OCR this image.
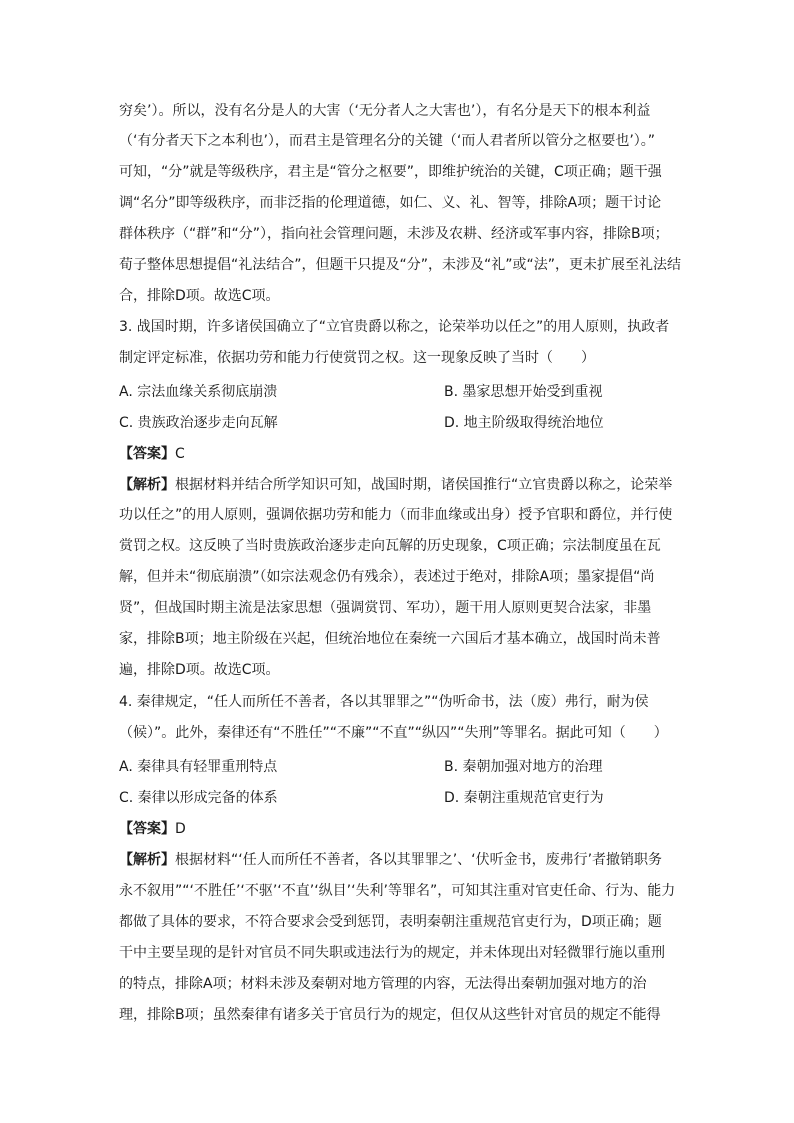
穷矣’）。所以，没有名分是人的大害（‘无分者人之大害也’），有名分是天下的根本利益
（‘有分者天下之本利也’），而君主是管理名分的关键（‘而人君者所以管分之枢要也’）。”
可知，“分”就是等级秩序，君主是“管分之枢要”，即维护统治的关键，C项正确；题干强
调“名分”即等级秩序，而非泛指的伦理道德，如仁、义、礼、智等，排除A项；题干讨论
群体秩序（“群”和“分”），指向社会管理问题，未涉及农耕、经济或军事内容，排除B项；
荀子整体思想提倡“礼法结合”，但题干只提及“分”，未涉及“礼”或“法”，更未扩展至礼法结
合，排除D项。故选C项。
3. 战国时期，许多诸侯国确立了“立官贵爵以称之，论荣举功以任之”的用人原则，执政者
制定评定标准，依据功劳和能力行使赏罚之权。这一现象反映了当时（　　）
A. 宗法血缘关系彻底崩溃	B. 墨家思想开始受到重视
C. 贵族政治逐步走向瓦解	D. 地主阶级取得统治地位
【答案】C
【解析】根据材料并结合所学知识可知，战国时期，诸侯国推行“立官贵爵以称之，论荣举
功以任之”的用人原则，强调依据功劳和能力（而非血缘或出身）授予官职和爵位，并行使
赏罚之权。这反映了当时贵族政治逐步走向瓦解的历史现象，C项正确；宗法制度虽在瓦
解，但并未“彻底崩溃”（如宗法观念仍有残余），表述过于绝对，排除A项；墨家提倡“尚
贤”，但战国时期主流是法家思想（强调赏罚、军功），题干用人原则更契合法家，非墨
家，排除B项；地主阶级在兴起，但统治地位在秦统一六国后才基本确立，战国时尚未普
遍，排除D项。故选C项。
4. 秦律规定，“任人而所任不善者，各以其罪罪之”“伪听命书，法（废）弗行，耐为侯
（候）”。此外，秦律还有“不胜任”“不廉”“不直”“纵囚”“失刑”等罪名。据此可知（　　）
A. 秦律具有轻罪重刑特点	B. 秦朝加强对地方的治理
C. 秦律以形成完备的体系	D. 秦朝注重规范官吏行为
【答案】D
【解析】根据材料“‘任人而所任不善者，各以其罪罪之’、‘伏听金书，废弗行’者撤销职务
永不叙用”“‘不胜任’‘不驱’‘不直’‘纵目’‘失利’等罪名”，可知其注重对官吏任命、行为、能力
都做了具体的要求，不符合要求会受到惩罚，表明秦朝注重规范官吏行为，D项正确；题
干中主要呈现的是针对官员不同失职或违法行为的规定，并未体现出对轻微罪行施以重刑
的特点，排除A项；材料未涉及秦朝对地方管理的内容，无法得出秦朝加强对地方的治
理，排除B项；虽然秦律有诸多关于官员行为的规定，但仅从这些针对官员的规定不能得
